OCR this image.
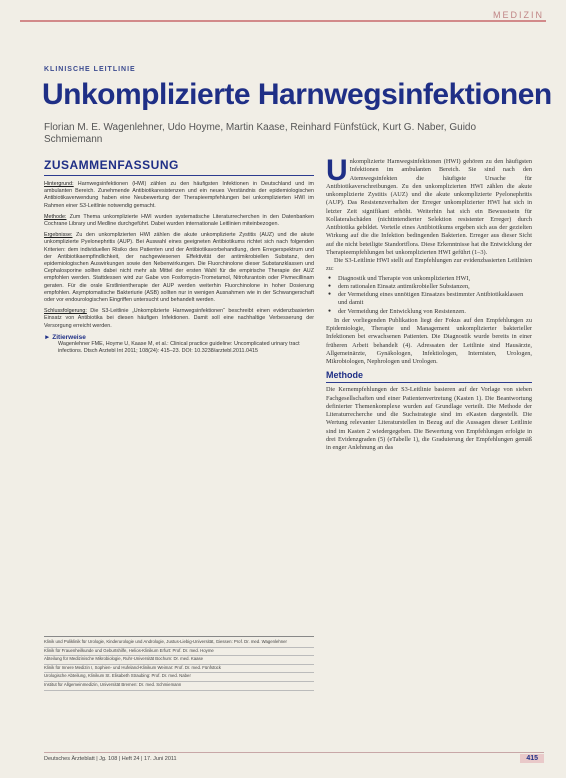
MEDIZIN
KLINISCHE LEITLINIE
Unkomplizierte Harnwegsinfektionen
Florian M. E. Wagenlehner, Udo Hoyme, Martin Kaase, Reinhard Fünfstück, Kurt G. Naber, Guido Schmiemann
ZUSAMMENFASSUNG

Hintergrund: Harnwegsinfektionen (HWI) zählen zu den häufigsten Infektionen in Deutschland und im ambulanten Bereich. Zunehmende Antibiotikaresistenzen und ein neues Verständnis der epidemiologischen Antibiotikaverwendung haben eine Neubewertung der Therapieempfehlungen bei unkomplizierten HWI im Rahmen einer S3-Leitlinie notwendig gemacht.

Methode: Zum Thema unkomplizierte HWI wurden systematische Literaturrecherchen in den Datenbanken Cochrane Library und Medline durchgeführt. Dabei wurden internationale Leitlinien miteinbezogen.

Ergebnisse: Zu den unkomplizierten HWI zählen die akute unkomplizierte Zystitis (AUZ) und die akute unkomplizierte Pyelonephritis (AUP). Bei Auswahl eines geeigneten Antibiotikums richtet sich nach folgenden Kriterien: dem individuellen Risiko des Patienten und der Antibiotikavorbehandlung, dem Erregerspektrum und der Antibiotikaempfindlichkeit, der nachgewiesenen Effektivität der antimikrobiellen Substanz, den epidemiologischen Auswirkungen sowie den Nebenwirkungen. Die Fluorchinolone dieser Substanzklassen und Cephalosporine sollten dabei nicht mehr als Mittel der ersten Wahl für die empirische Therapie der AUZ empfohlen werden. Stattdessen wird zur Gabe von Fosfomycin-Trometamol, Nitrofurantoin oder Pivmecillinam geraten. Für die orale Erstlinientherapie der AUP werden weiterhin Fluorchinolone in hoher Dosierung empfohlen. Asymptomatische Bakteriurie (ASB) sollten nur in wenigen Ausnahmen wie in der Schwangerschaft oder vor endourologischen Eingriffen untersucht und behandelt werden.

Schlussfolgerung: Die S3-Leitlinie „Unkomplizierte Harnwegsinfektionen“ beschreibt einen evidenzbasierten Einsatz von Antibiotika bei diesen häufigen Infektionen. Damit soll eine nachhaltige Verbesserung der Versorgung erreicht werden.

► Zitierweise
Wagenlehner FME, Hoyme U, Kaase M, et al.: Clinical practice guideline: Uncomplicated urinary tract infections. Dtsch Arztebl Int 2011; 108(24): 415–23. DOI: 10.3238/arztebl.2011.0415

Klinik und Poliklinik für Urologie, Kinderurologie und Andrologie, Justus-Liebig-Universität, Giessen: Prof. Dr. med. Wagenlehner

Klinik für Frauenheilkunde und Geburtshilfe, Helios-Klinikum Erfurt: Prof. Dr. med. Hoyme

Abteilung für Medizinische Mikrobiologie, Ruhr-Universität Bochum: Dr. med. Kaase

Klinik für Innere Medizin I, Sophien- und Hufeland-Klinikum Weimar: Prof. Dr. med. Fünfstück

Urologische Abteilung, Klinikum St. Elisabeth Straubing: Prof. Dr. med. Naber

Institut für Allgemeinmedizin, Universität Bremen: Dr. med. Schmiemann

Unkomplizierte Harnwegsinfektionen (HWI) gehören zu den häufigsten Infektionen im ambulanten Bereich. Sie sind nach den Atemwegsinfekten die häufigste Ursache für Antibiotikaverschreibungen. Zu den unkomplizierten HWI zählen die akute unkomplizierte Zystitis (AUZ) und die akute unkomplizierte Pyelonephritis (AUP). Das Resistenzverhalten der Erreger unkomplizierter HWI hat sich in letzter Zeit signifikant erhöht. Weiterhin hat sich ein Bewusstsein für Kollateralschäden (nichtintendierter Selektion resistenter Erreger) durch Antibiotika gebildet. Vorteile eines Antibiotikums ergeben sich aus der gezielten Wirkung auf die die Infektion bedingenden Bakterien. Erreger aus dieser Sicht auf die nicht beteiligte Standortflora. Diese Erkenntnisse hat die Entwicklung der Therapieempfehlungen bei unkomplizierten HWI geführt (1–3).

Die S3-Leitlinie HWI stellt auf Empfehlungen zur evidenzbasierten Leitlinien zu:

● Diagnostik und Therapie von unkomplizierten HWI,
● dem rationalen Einsatz antimikrobieller Substanzen,
● der Vermeidung eines unnötigen Einsatzes bestimmter Antibiotikaklassen und damit
● der Vermeidung der Entwicklung von Resistenzen.

In der vorliegenden Publikation liegt der Fokus auf den Empfehlungen zu Epidemiologie, Therapie und Management unkomplizierter bakterieller Infektionen bei erwachsenen Patienten. Die Diagnostik wurde bereits in einer früheren Arbeit behandelt (4). Adressaten der Leitlinie sind Hausärzte, Allgemeinärzte, Gynäkologen, Infektiologen, Internisten, Urologen, Mikrobiologen, Nephrologen und Urologen.

Methode

Die Kernempfehlungen der S3-Leitlinie basieren auf der Vorlage von sieben Fachgesellschaften und einer Patientenvertretung (Kasten 1). Die Beantwortung definierter Themenkomplexe wurden auf Grundlage verteilt. Die Methode der Literaturrecherche und die Suchstrategie sind im eKasten dargestellt. Die Wertung relevanter Literaturstellen in Bezug auf die Aussagen dieser Leitlinie sind im Kasten 2 wiedergegeben. Die Bewertung von Empfehlungen erfolgte in drei Evidenzgraden (5) (eTabelle 1), die Graduierung der Empfehlungen gemäß in enger Anlehnung an das

Deutsches Ärzteblatt | Jg. 108 | Heft 24 | 17. Juni 2011	415
